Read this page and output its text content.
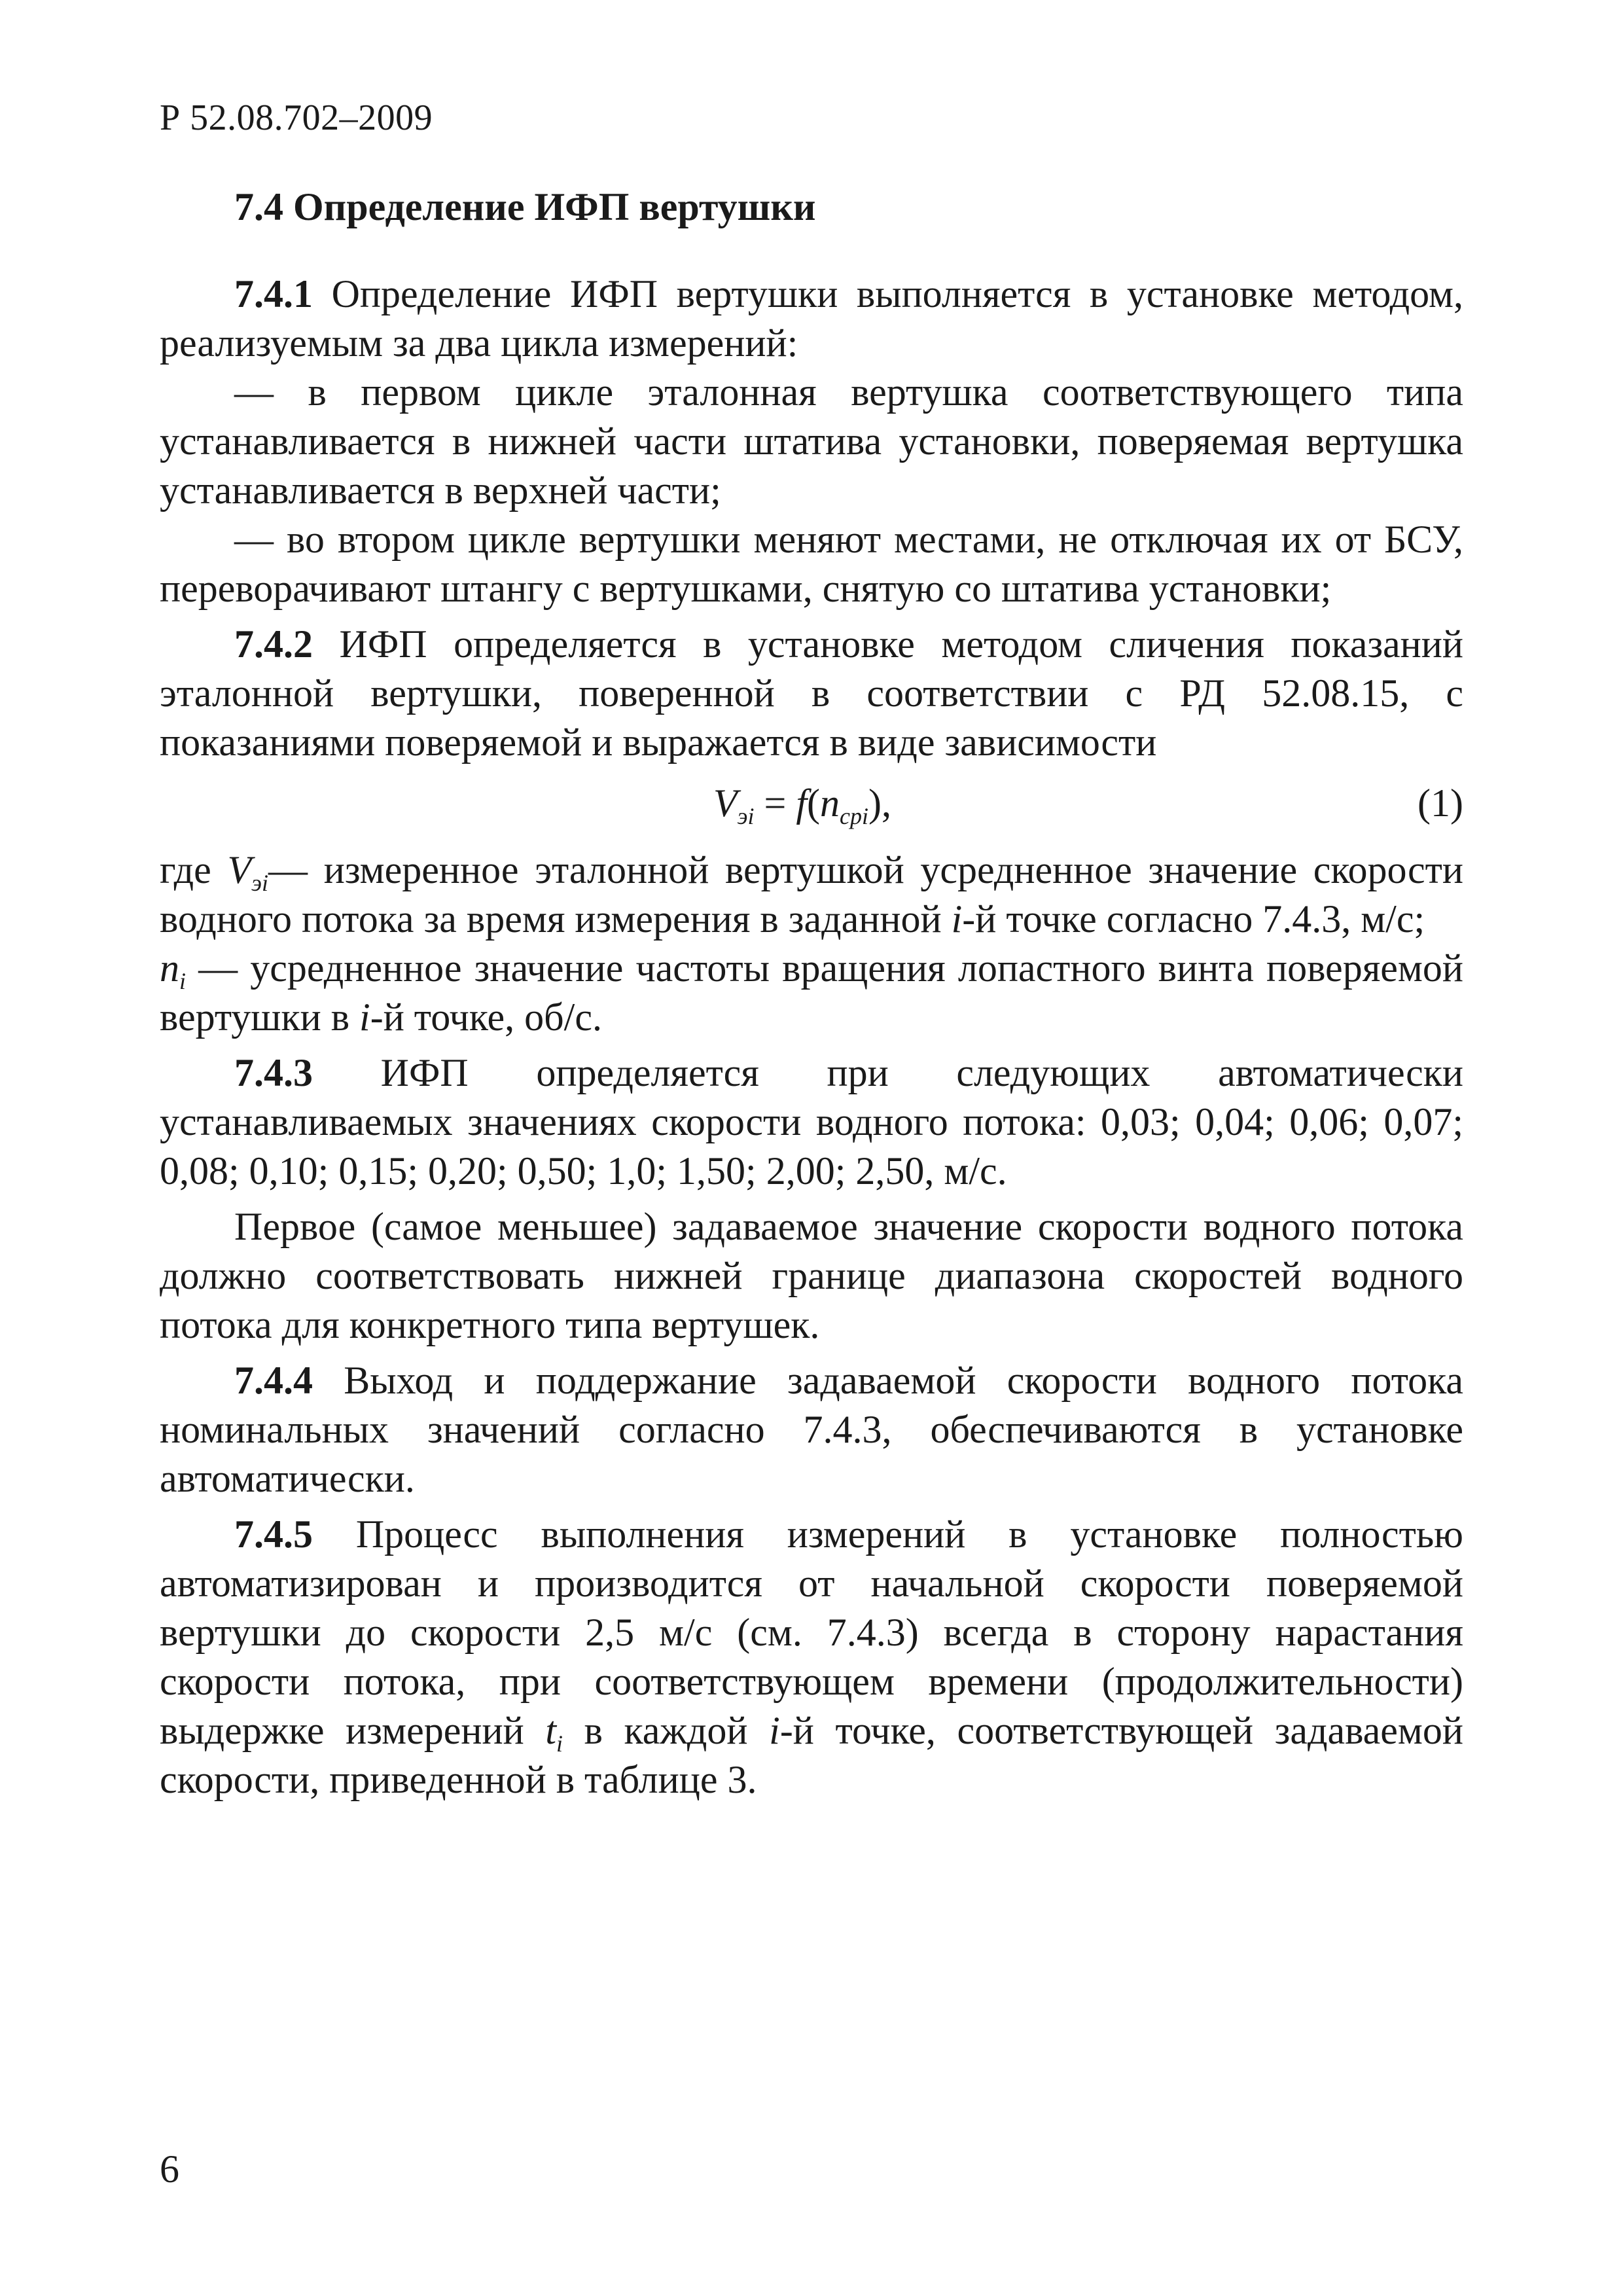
Р 52.08.702–2009
7.4 Определение ИФП вертушки

7.4.1 Определение ИФП вертушки выполняется в установке методом, реализуемым за два цикла измерений:

— в первом цикле эталонная вертушка соответствующего типа устанавливается в нижней части штатива установки, поверяемая вертушка устанавливается в верхней части;

— во втором цикле вертушки меняют местами, не отключая их от БСУ, переворачивают штангу с вертушками, снятую со штатива установки;

7.4.2 ИФП определяется в установке методом сличения показаний эталонной вертушки, поверенной в соответствии с РД 52.08.15, с показаниями поверяемой и выражается в виде зависимости

$V_{эi} = f(n_{срi})$,	(1)

где $V_{эi}—$ измеренное эталонной вертушкой усредненное значение скорости водного потока за время измерения в заданной i-й точке согласно 7.4.3, м/с;

$n_i$ — усредненное значение частоты вращения лопастного винта поверяемой вертушки в i-й точке, об/с.

7.4.3 ИФП определяется при следующих автоматически устанавливаемых значениях скорости водного потока: 0,03; 0,04; 0,06; 0,07; 0,08; 0,10; 0,15; 0,20; 0,50; 1,0; 1,50; 2,00; 2,50, м/с.

Первое (самое меньшее) задаваемое значение скорости водного потока должно соответствовать нижней границе диапазона скоростей водного потока для конкретного типа вертушек.

7.4.4 Выход и поддержание задаваемой скорости водного потока номинальных значений согласно 7.4.3, обеспечиваются в установке автоматически.

7.4.5 Процесс выполнения измерений в установке полностью автоматизирован и производится от начальной скорости поверяемой вертушки до скорости 2,5 м/с (см. 7.4.3) всегда в сторону нарастания скорости потока, при соответствующем времени (продолжительности) выдержке измерений $t_i$ в каждой i-й точке, соответствующей задаваемой скорости, приведенной в таблице 3.

6
